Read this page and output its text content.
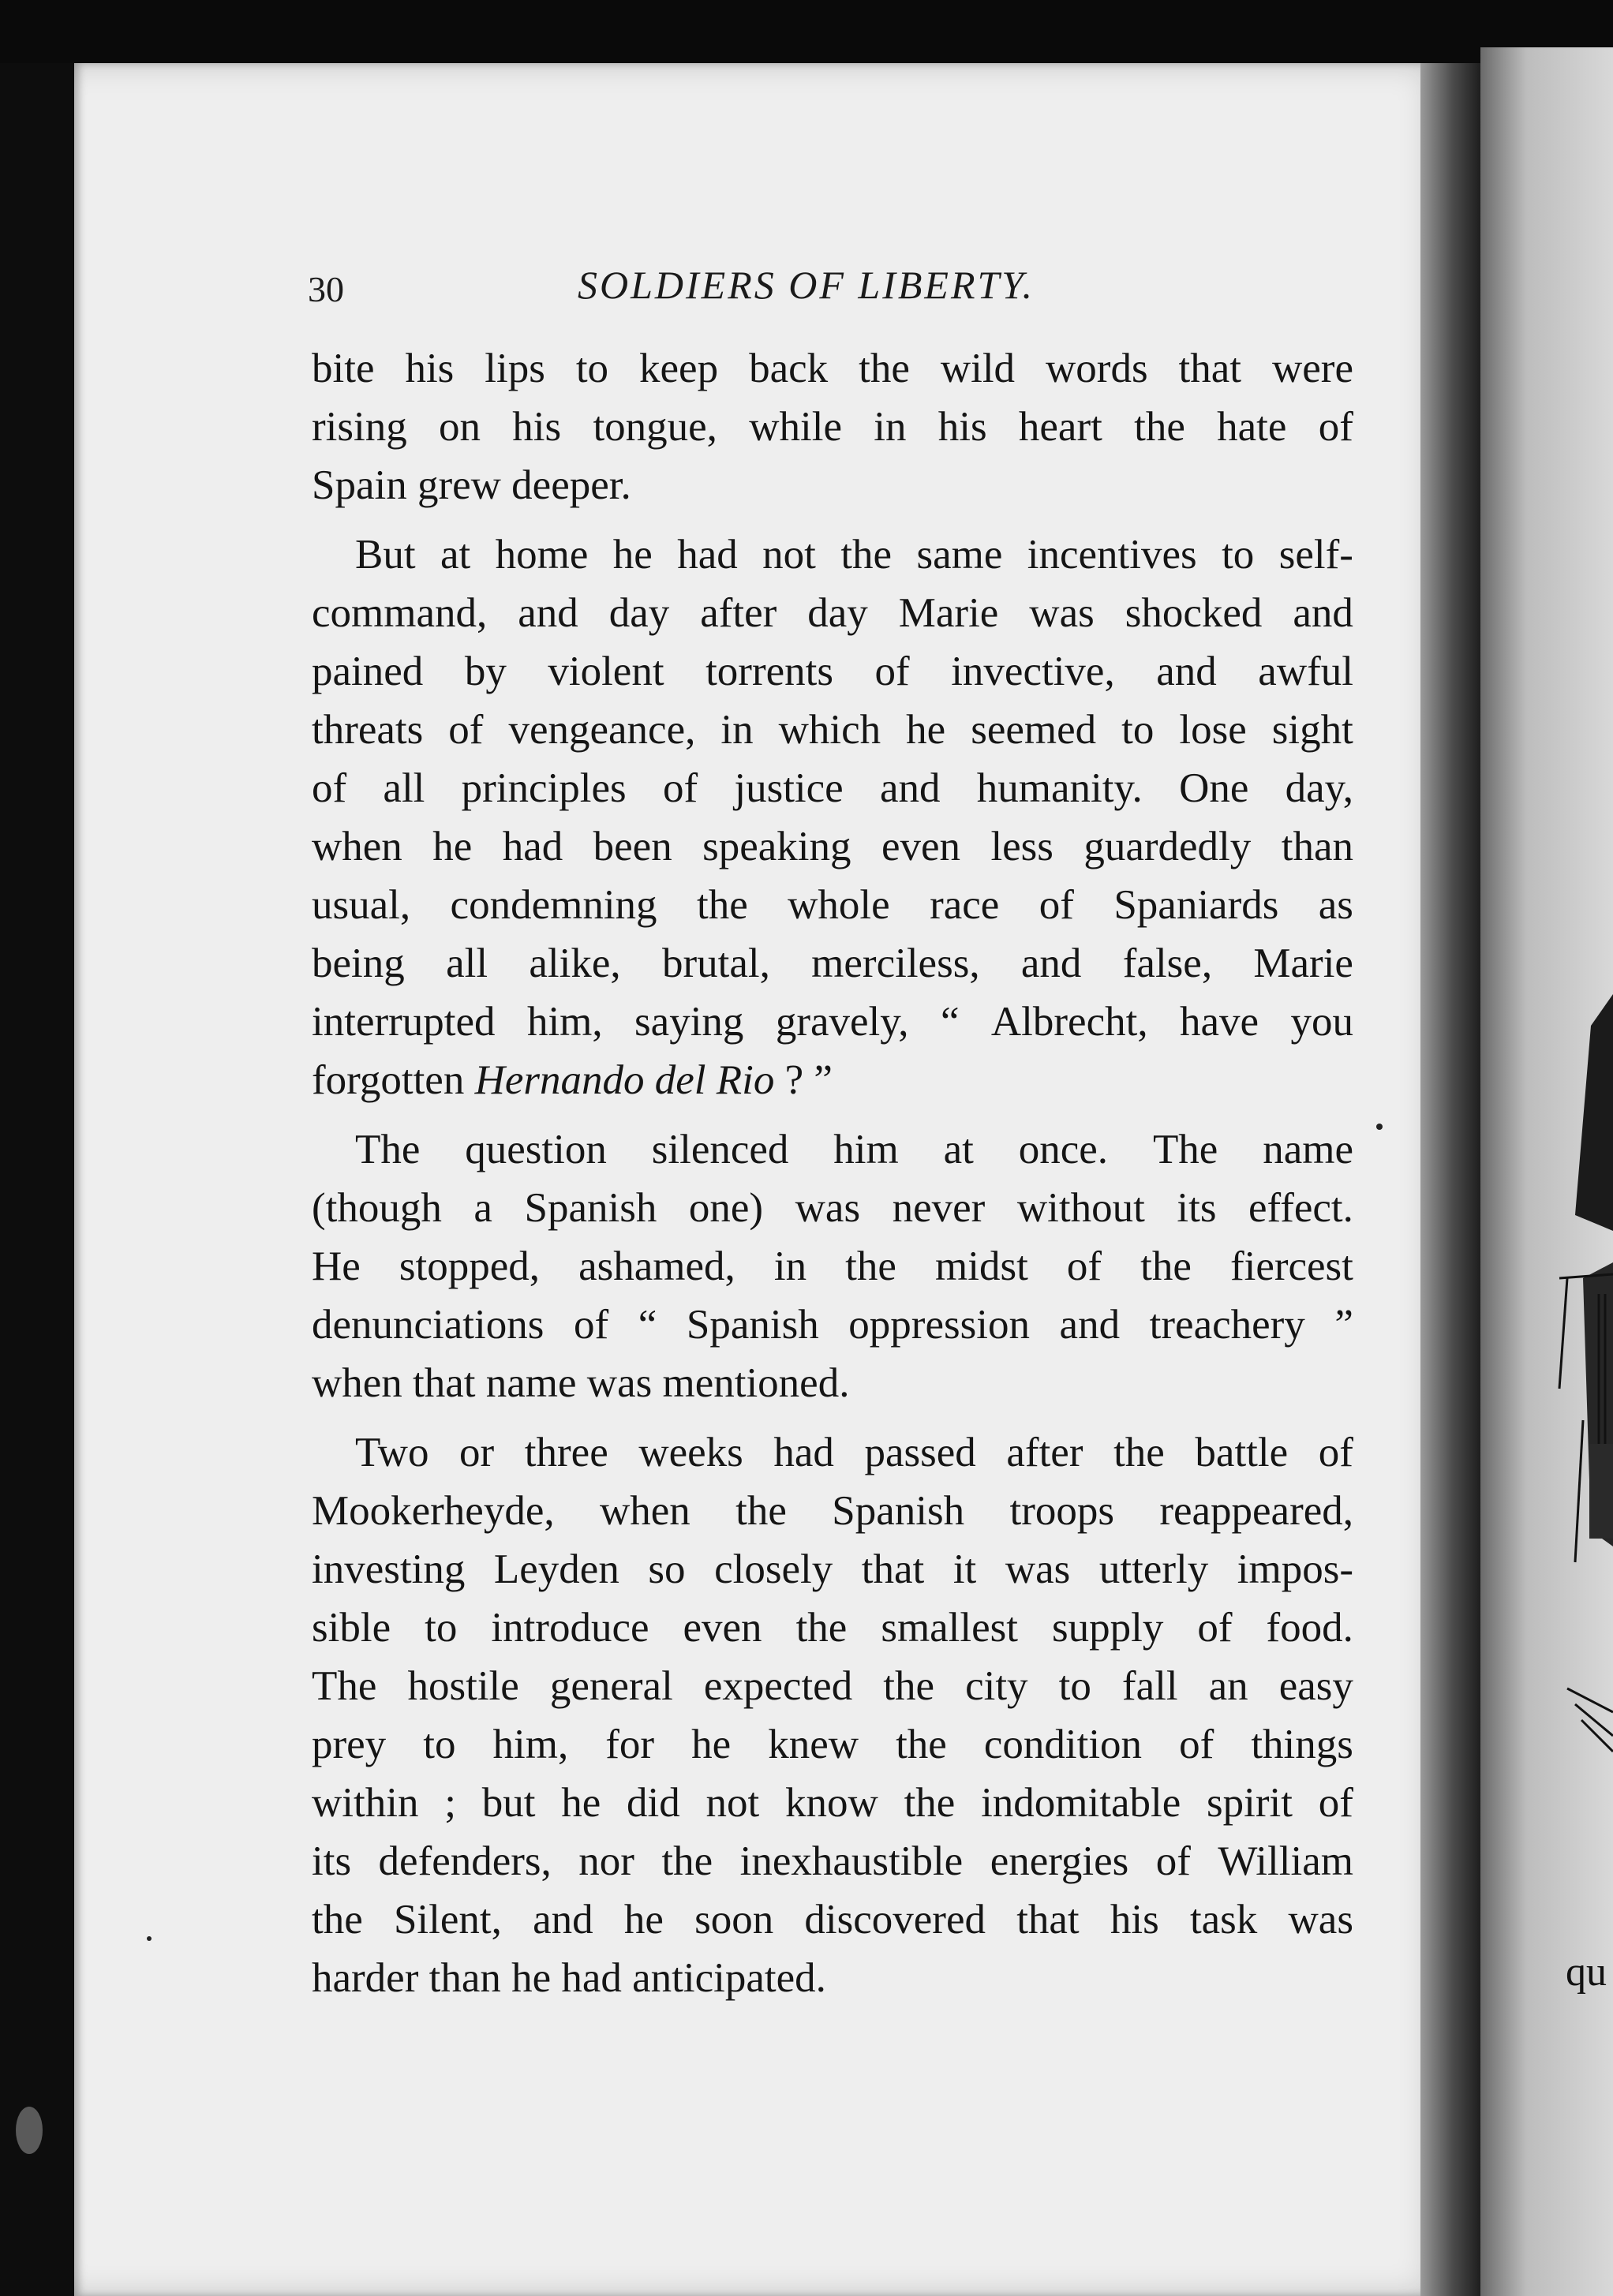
qu
30	SOLDIERS OF LIBERTY.
bite his lips to keep back the wild words that were
rising on his tongue, while in his heart the hate of
Spain grew deeper.
But at home he had not the same incentives to self-
command, and day after day Marie was shocked and
pained by violent torrents of invective, and awful
threats of vengeance, in which he seemed to lose sight
of all principles of justice and humanity. One day,
when he had been speaking even less guardedly than
usual, condemning the whole race of Spaniards as
being all alike, brutal, merciless, and false, Marie
interrupted him, saying gravely, “ Albrecht, have you
forgotten Hernando del Rio ? ”
The question silenced him at once. The name
(though a Spanish one) was never without its effect.
He stopped, ashamed, in the midst of the fiercest
denunciations of “ Spanish oppression and treachery ”
when that name was mentioned.
Two or three weeks had passed after the battle of
Mookerheyde, when the Spanish troops reappeared,
investing Leyden so closely that it was utterly impos-
sible to introduce even the smallest supply of food.
The hostile general expected the city to fall an easy
prey to him, for he knew the condition of things
within ; but he did not know the indomitable spirit of
its defenders, nor the inexhaustible energies of William
the Silent, and he soon discovered that his task was
harder than he had anticipated.
